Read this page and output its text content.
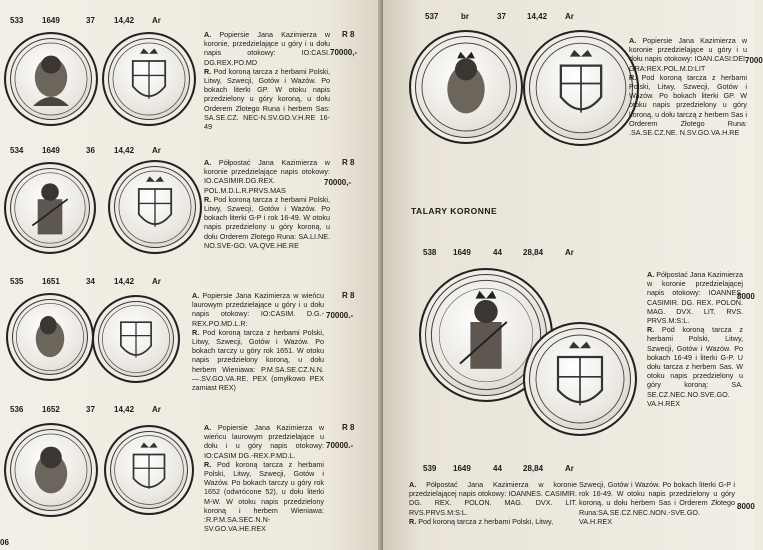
533 1649	37 14,42 Ar
A. Popiersie Jana Kazimierza w koronie, przedzielające u góry i u dołu napis otokowy: IO:CASI. DG.REX.PO.MD
R. Pod koroną tarcza z herbami Polski, Litwy, Szwecji, Gotów i Wazów. Po bokach literki GP. W otoku napis przedzielony u góry koroną, u dołu Orderem Złotego Runa i herbem Sas: SA.SE.CZ. NEC-N.SV.GO.V.H.RE 16-49
R 8
70000,-
534 1649	36 14,42 Ar
A. Półpostać Jana Kazimierza w koronie przedzielające napis otokowy: IO.CASIMIR.DG.REX. POL.M.D.L.R.PRVS.MAS
R. Pod koroną tarcza z herbami Polski, Litwy, Szwecji, Gotów i Wazów. Po bokach literki G-P i rok 16-49. W otoku napis przedzielony u góry koroną, u dołu Orderem Złotego Runa: SA.LI.NE. NO.SVE-GO. VA.QVE.HE.RE
R 8
70000,-
535 1651	34 14,42 Ar
A. Popiersie Jana Kazimierza w wieńcu laurowym przedzielające u góry i u dołu napis otokowy: IO:CASIM. D.G.-REX.PO.MD.L.R:
R. Pod koroną tarcza z herbami Polski, Litwy, Szwecji, Gotów i Wazów. Po bokach tarczy u góry rok 1651. W otoku napis przedzielony koroną, u dołu herbem Wieniawa: P.M.SA.SE.CZ.N.N.—.SV.GO.VA.RE. PEX (omyłkowo PEX zamiast REX)
R 8
70000.-
536 1652	37 14,42 Ar
A. Popiersie Jana Kazimierza w wieńcu laurowym przedzielające u dołu i u góry napis otokowy: IO:CASIM DG.-REX.P.MD.L.
R. Pod koroną tarcza z herbami Polski, Litwy, Szwecji, Gotów i Wazów. Po bokach tarczy u góry rok 1652 (odwrócone 52), u dołu literki M-W. W otoku napis przedzielony koroną i herbem Wieniawa: :R.P.M.SA.SEC.N.N- SV.GO.VA.HE.REX
R 8
70000.-
06
537	br	37	14,42 Ar
A. Popiersie Jana Kazimierza w koronie przedzielające u góry i u dołu napis otokowy: IOAN.CASI:DEI. GRA:REX.POL.M.D:LIT
R. Pod koroną tarcza z herbami Polski, Litwy, Szwecji, Gotów i Wazów. Po bokach literki GP. W otoku napis przedzielony u góry koroną, u dołu tarczą z herbem Sas i Orderem Złotego Runa: .SA.SE.CZ.NE. N.SV.GO.VA.H.RE
7000
TALARY KORONNE
538 1649	44	28,84	Ar
A. Półpostać Jana Kazimierza w koronie przedzielającej napis otokowy: IOANNES. CASIMIR. DG. REX. POLON. MAG. DVX. LIT. RVS. PRVS.M:S:L.
R. Pod koroną tarcza z herbami Polski, Litwy, Szwecji, Gotów i Wazów. Po bokach 16-49 i literki G-P. U dołu tarcza z herbem Sas. W otoku napis przedzielony u góry koroną: SA. SE.CZ.NEC.NO.SVE.GO. VA.H.REX
8000
539 1649	44	28,84	Ar
A. Półpostać Jana Kazimierza w koronie przedzielającej napis otokowy: IOANNES. CASIMIR. DG. REX. POLON. MAG. DVX. LIT. RVS.PRVS.M:S:L.
R. Pod koroną tarcza z herbami Polski, Litwy,
Szwecji, Gotów i Wazów. Po bokach literki G-P i rok 16-49. W otoku napis przedzielony u góry koroną, u dołu herbem Sas i Orderem Złotego Runa:SA.SE.CZ.NEC.NON.-SVE.GO. VA.H.REX
8000
